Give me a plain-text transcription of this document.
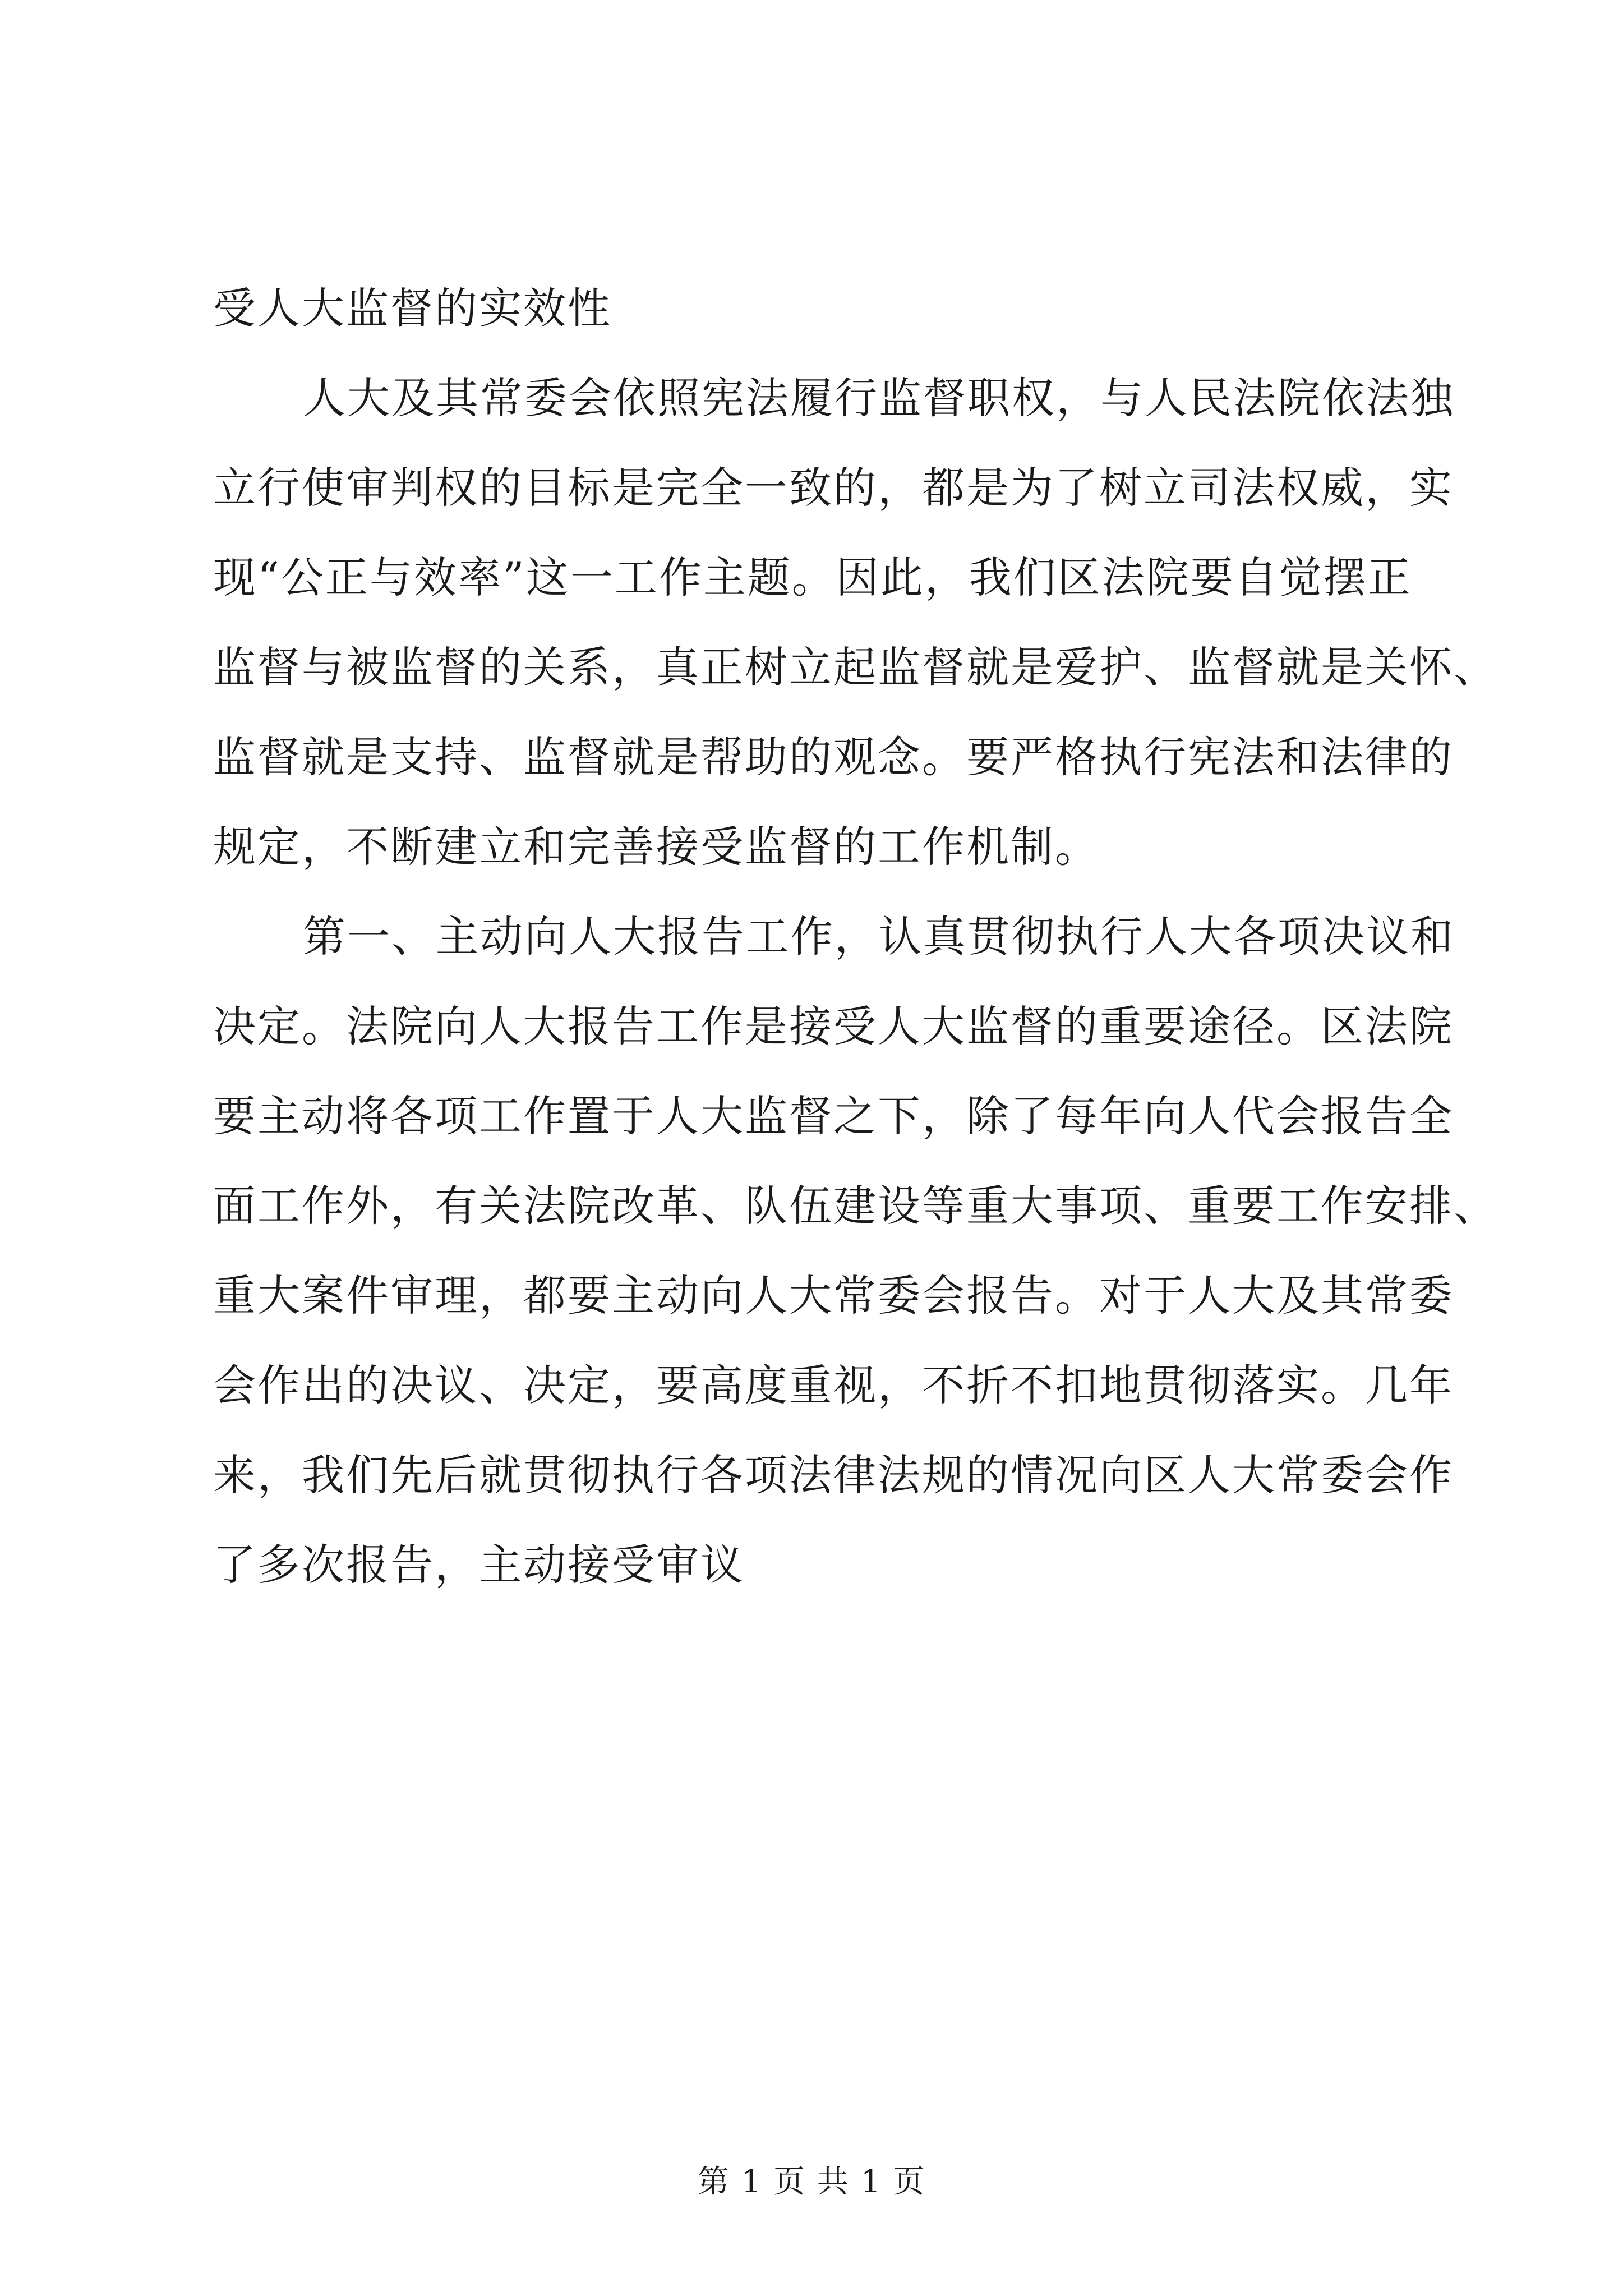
受人大监督的实效性
人大及其常委会依照宪法履行监督职权，与人民法院依法独
立行使审判权的目标是完全一致的，都是为了树立司法权威，实
现“公正与效率”这一工作主题。因此，我们区法院要自觉摆正
监督与被监督的关系，真正树立起监督就是爱护、监督就是关怀、
监督就是支持、监督就是帮助的观念。要严格执行宪法和法律的
规定，不断建立和完善接受监督的工作机制。
第一、主动向人大报告工作，认真贯彻执行人大各项决议和
决定。法院向人大报告工作是接受人大监督的重要途径。区法院
要主动将各项工作置于人大监督之下，除了每年向人代会报告全
面工作外，有关法院改革、队伍建设等重大事项、重要工作安排、
重大案件审理，都要主动向人大常委会报告。对于人大及其常委
会作出的决议、决定，要高度重视，不折不扣地贯彻落实。几年
来，我们先后就贯彻执行各项法律法规的情况向区人大常委会作
了多次报告，主动接受审议
第 1 页 共 1 页
